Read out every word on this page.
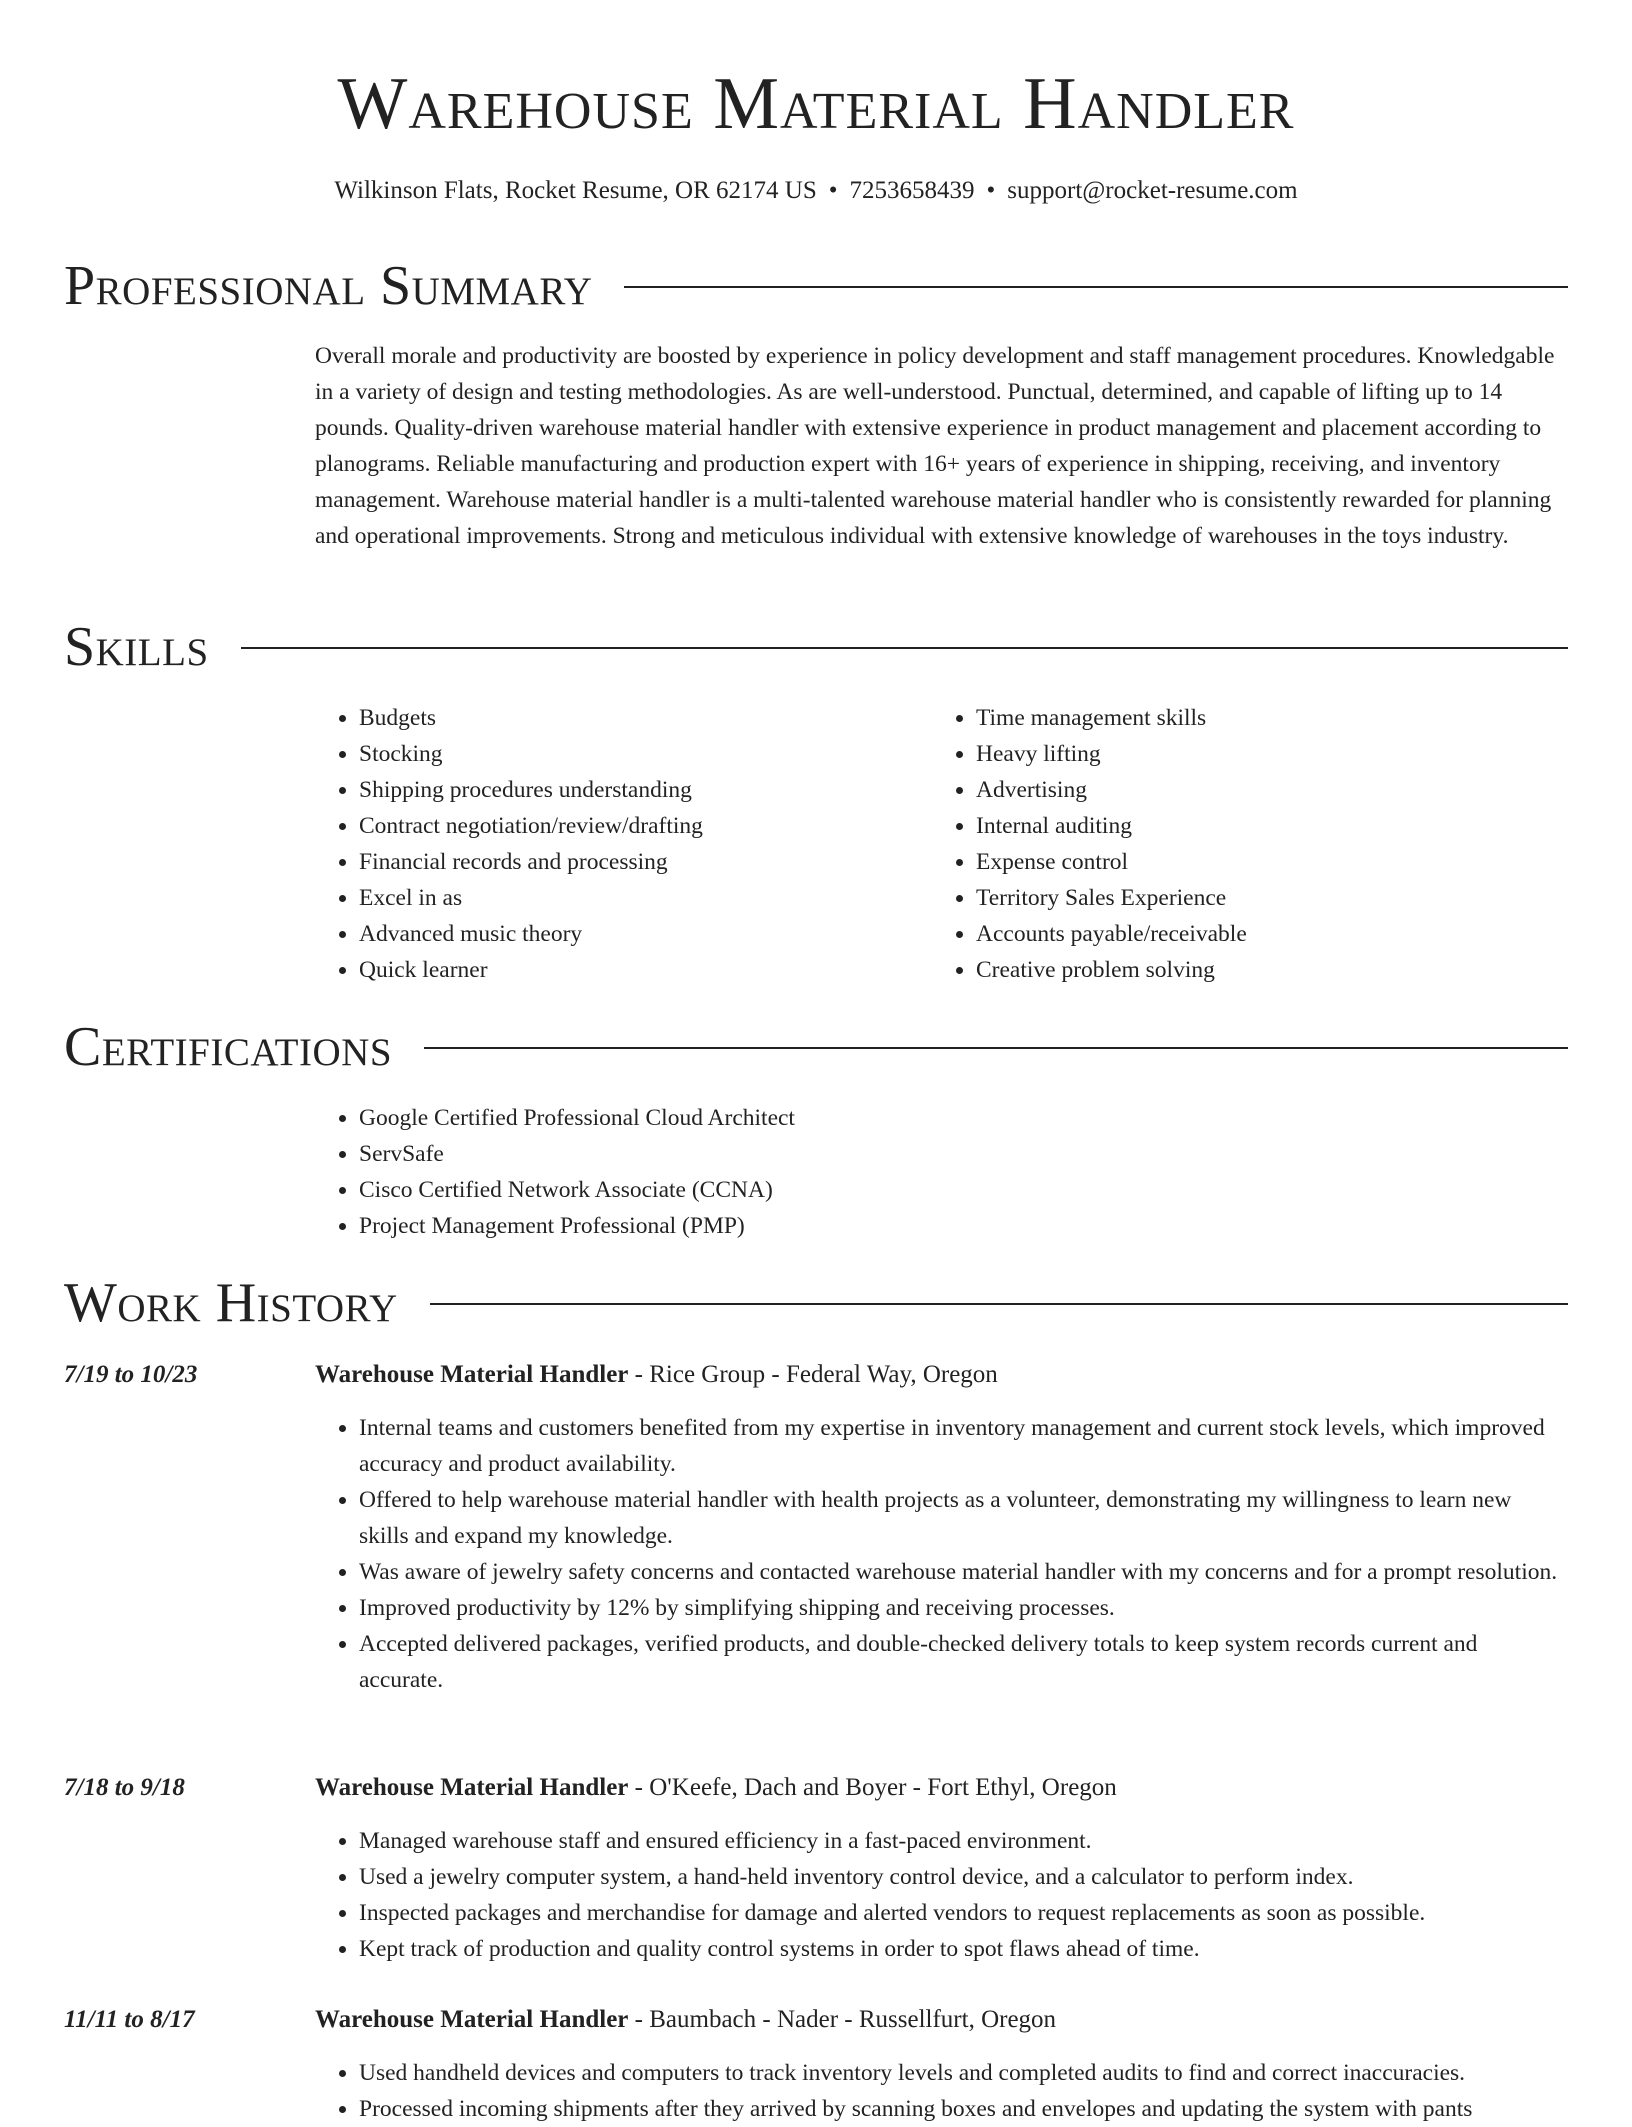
Warehouse Material Handler
Wilkinson Flats, Rocket Resume, OR 62174 US • 7253658439 • support@rocket-resume.com
Professional Summary
Overall morale and productivity are boosted by experience in policy development and staff management procedures. Knowledgable in a variety of design and testing methodologies. As are well-understood. Punctual, determined, and capable of lifting up to 14 pounds. Quality-driven warehouse material handler with extensive experience in product management and placement according to planograms. Reliable manufacturing and production expert with 16+ years of experience in shipping, receiving, and inventory management. Warehouse material handler is a multi-talented warehouse material handler who is consistently rewarded for planning and operational improvements. Strong and meticulous individual with extensive knowledge of warehouses in the toys industry.
Skills
• Budgets
• Stocking
• Shipping procedures understanding
• Contract negotiation/review/drafting
• Financial records and processing
• Excel in as
• Advanced music theory
• Quick learner
• Time management skills
• Heavy lifting
• Advertising
• Internal auditing
• Expense control
• Territory Sales Experience
• Accounts payable/receivable
• Creative problem solving
Certifications
• Google Certified Professional Cloud Architect
• ServSafe
• Cisco Certified Network Associate (CCNA)
• Project Management Professional (PMP)
Work History
7/19 to 10/23	Warehouse Material Handler - Rice Group - Federal Way, Oregon
• Internal teams and customers benefited from my expertise in inventory management and current stock levels, which improved accuracy and product availability.
• Offered to help warehouse material handler with health projects as a volunteer, demonstrating my willingness to learn new skills and expand my knowledge.
• Was aware of jewelry safety concerns and contacted warehouse material handler with my concerns and for a prompt resolution.
• Improved productivity by 12% by simplifying shipping and receiving processes.
• Accepted delivered packages, verified products, and double-checked delivery totals to keep system records current and accurate.
7/18 to 9/18	Warehouse Material Handler - O'Keefe, Dach and Boyer - Fort Ethyl, Oregon
• Managed warehouse staff and ensured efficiency in a fast-paced environment.
• Used a jewelry computer system, a hand-held inventory control device, and a calculator to perform index.
• Inspected packages and merchandise for damage and alerted vendors to request replacements as soon as possible.
• Kept track of production and quality control systems in order to spot flaws ahead of time.
11/11 to 8/17	Warehouse Material Handler - Baumbach - Nader - Russellfurt, Oregon
• Used handheld devices and computers to track inventory levels and completed audits to find and correct inaccuracies.
• Processed incoming shipments after they arrived by scanning boxes and envelopes and updating the system with pants
